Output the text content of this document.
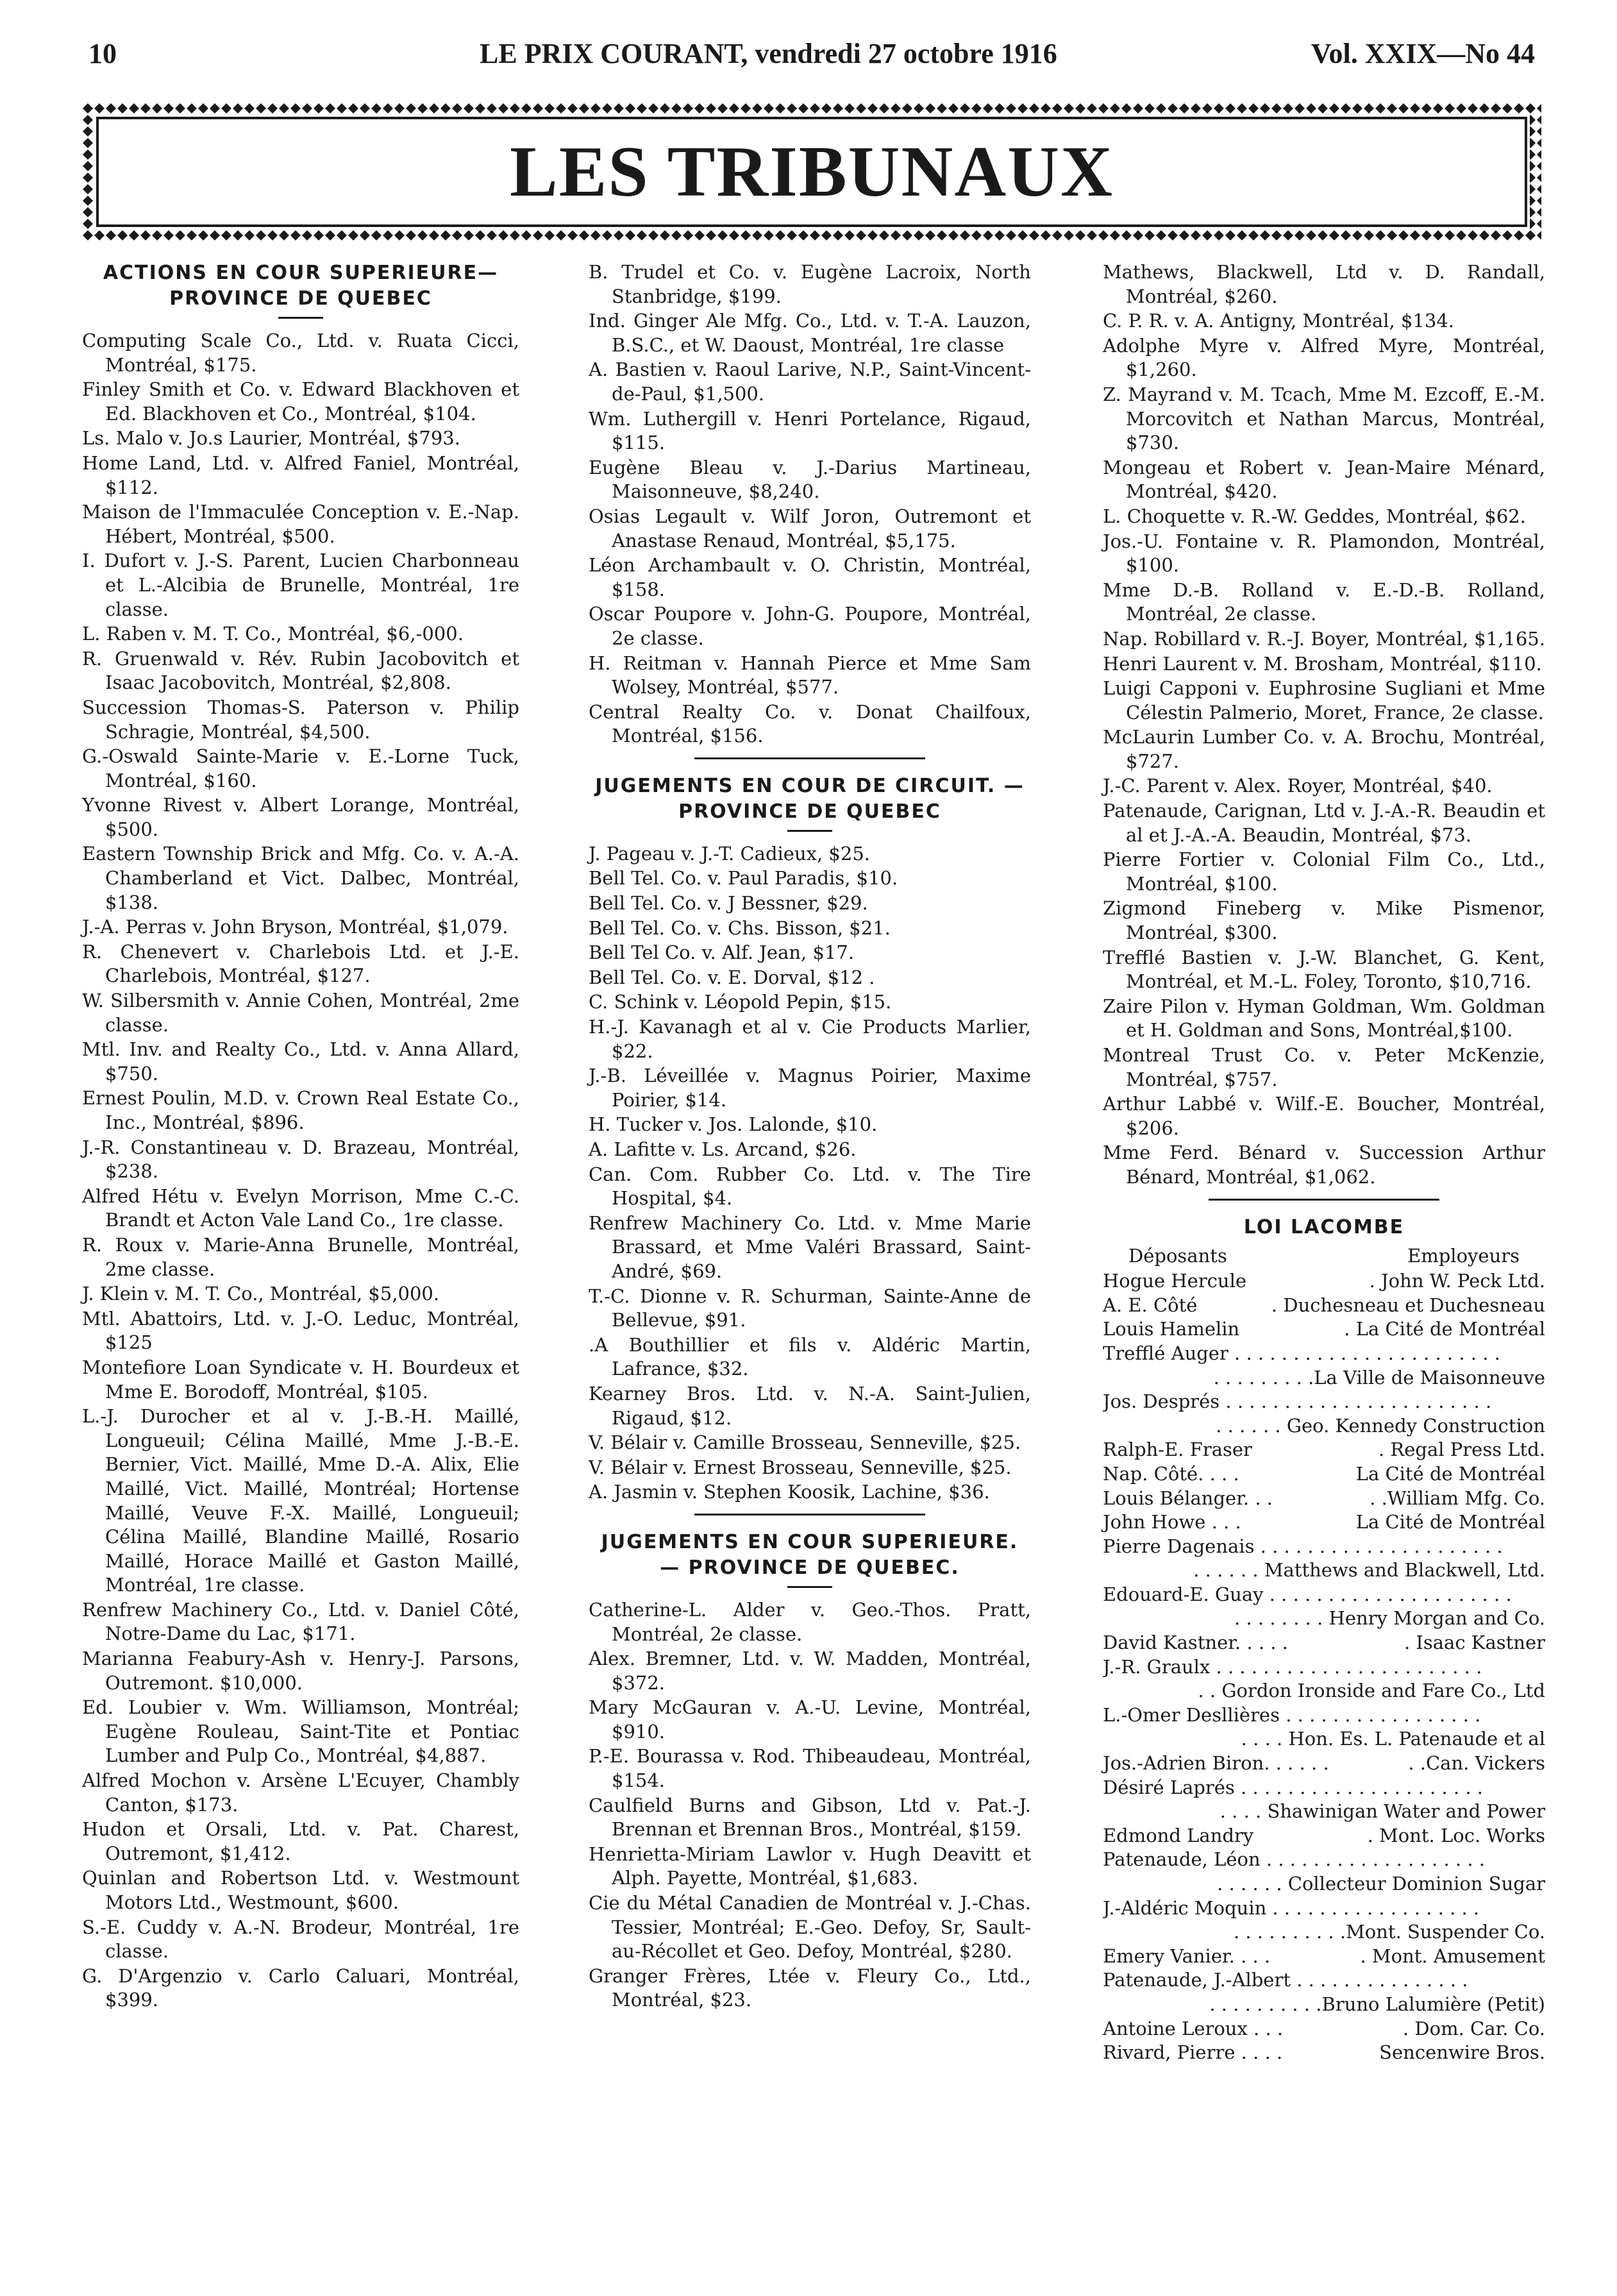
10	LE PRIX COURANT, vendredi 27 octobre 1916	Vol. XXIX—No 44
LES TRIBUNAUX
ACTIONS EN COUR SUPERIEURE— PROVINCE DE QUEBEC
Computing Scale Co., Ltd. v. Ruata Cicci, Montréal, $175.
Finley Smith et Co. v. Edward Blackhoven et Ed. Blackhoven et Co., Montréal, $104.
Ls. Malo v. Jo.s Laurier, Montréal, $793.
Home Land, Ltd. v. Alfred Faniel, Montréal, $112.
Maison de l'Immaculée Conception v. E.-Nap. Hébert, Montréal, $500.
I. Dufort v. J.-S. Parent, Lucien Charbonneau et L.-Alcibia de Brunelle, Montréal, 1re classe.
L. Raben v. M. T. Co., Montréal, $6,-000.
R. Gruenwald v. Rév. Rubin Jacobovitch et Isaac Jacobovitch, Montréal, $2,808.
Succession Thomas-S. Paterson v. Philip Schragie, Montréal, $4,500.
G.-Oswald Sainte-Marie v. E.-Lorne Tuck, Montréal, $160.
Yvonne Rivest v. Albert Lorange, Montréal, $500.
Eastern Township Brick and Mfg. Co. v. A.-A. Chamberland et Vict. Dalbec, Montréal, $138.
J.-A. Perras v. John Bryson, Montréal, $1,079.
R. Chenevert v. Charlebois Ltd. et J.-E. Charlebois, Montréal, $127.
W. Silbersmith v. Annie Cohen, Montréal, 2me classe.
Mtl. Inv. and Realty Co., Ltd. v. Anna Allard, $750.
Ernest Poulin, M.D. v. Crown Real Estate Co., Inc., Montréal, $896.
J.-R. Constantineau v. D. Brazeau, Montréal, $238.
Alfred Hétu v. Evelyn Morrison, Mme C.-C. Brandt et Acton Vale Land Co., 1re classe.
R. Roux v. Marie-Anna Brunelle, Montréal, 2me classe.
J. Klein v. M. T. Co., Montréal, $5,000.
Mtl. Abattoirs, Ltd. v. J.-O. Leduc, Montréal, $125
Montefiore Loan Syndicate v. H. Bourdeux et Mme E. Borodoff, Montréal, $105.
L.-J. Durocher et al v. J.-B.-H. Maillé, Longueuil; Célina Maillé, Mme J.-B.-E. Bernier, Vict. Maillé, Mme D.-A. Alix, Elie Maillé, Vict. Maillé, Montréal; Hortense Maillé, Veuve F.-X. Maillé, Longueuil; Célina Maillé, Blandine Maillé, Rosario Maillé, Horace Maillé et Gaston Maillé, Montréal, 1re classe.
Renfrew Machinery Co., Ltd. v. Daniel Côté, Notre-Dame du Lac, $171.
Marianna Feabury-Ash v. Henry-J. Parsons, Outremont. $10,000.
Ed. Loubier v. Wm. Williamson, Montréal; Eugène Rouleau, Saint-Tite et Pontiac Lumber and Pulp Co., Montréal, $4,887.
Alfred Mochon v. Arsène L'Ecuyer, Chambly Canton, $173.
Hudon et Orsali, Ltd. v. Pat. Charest, Outremont, $1,412.
Quinlan and Robertson Ltd. v. Westmount Motors Ltd., Westmount, $600.
S.-E. Cuddy v. A.-N. Brodeur, Montréal, 1re classe.
G. D'Argenzio v. Carlo Caluari, Montréal, $399.
B. Trudel et Co. v. Eugène Lacroix, North Stanbridge, $199.
Ind. Ginger Ale Mfg. Co., Ltd. v. T.-A. Lauzon, B.S.C., et W. Daoust, Montréal, 1re classe
A. Bastien v. Raoul Larive, N.P., Saint-Vincent-de-Paul, $1,500.
Wm. Luthergill v. Henri Portelance, Rigaud, $115.
Eugène Bleau v. J.-Darius Martineau, Maisonneuve, $8,240.
Osias Legault v. Wilf Joron, Outremont et Anastase Renaud, Montréal, $5,175.
Léon Archambault v. O. Christin, Montréal, $158.
Oscar Poupore v. John-G. Poupore, Montréal, 2e classe.
H. Reitman v. Hannah Pierce et Mme Sam Wolsey, Montréal, $577.
Central Realty Co. v. Donat Chailfoux, Montréal, $156.
JUGEMENTS EN COUR DE CIRCUIT. — PROVINCE DE QUEBEC
J. Pageau v. J.-T. Cadieux, $25.
Bell Tel. Co. v. Paul Paradis, $10.
Bell Tel. Co. v. J Bessner, $29.
Bell Tel. Co. v. Chs. Bisson, $21.
Bell Tel Co. v. Alf. Jean, $17.
Bell Tel. Co. v. E. Dorval, $12 .
C. Schink v. Léopold Pepin, $15.
H.-J. Kavanagh et al v. Cie Products Marlier, $22.
J.-B. Léveillée v. Magnus Poirier, Maxime Poirier, $14.
H. Tucker v. Jos. Lalonde, $10.
A. Lafitte v. Ls. Arcand, $26.
Can. Com. Rubber Co. Ltd. v. The Tire Hospital, $4.
Renfrew Machinery Co. Ltd. v. Mme Marie Brassard, et Mme Valéri Brassard, Saint-André, $69.
T.-C. Dionne v. R. Schurman, Sainte-Anne de Bellevue, $91.
.A Bouthillier et fils v. Aldéric Martin, Lafrance, $32.
Kearney Bros. Ltd. v. N.-A. Saint-Julien, Rigaud, $12.
V. Bélair v. Camille Brosseau, Senneville, $25.
V. Bélair v. Ernest Brosseau, Senneville, $25.
A. Jasmin v. Stephen Koosik, Lachine, $36.
JUGEMENTS EN COUR SUPERIEURE. — PROVINCE DE QUEBEC.
Catherine-L. Alder v. Geo.-Thos. Pratt, Montréal, 2e classe.
Alex. Bremner, Ltd. v. W. Madden, Montréal, $372.
Mary McGauran v. A.-U. Levine, Montréal, $910.
P.-E. Bourassa v. Rod. Thibeaudeau, Montréal, $154.
Caulfield Burns and Gibson, Ltd v. Pat.-J. Brennan et Brennan Bros., Montréal, $159.
Henrietta-Miriam Lawlor v. Hugh Deavitt et Alph. Payette, Montréal, $1,683.
Cie du Métal Canadien de Montréal v. J.-Chas. Tessier, Montréal; E.-Geo. Defoy, Sr, Sault-au-Récollet et Geo. Defoy, Montréal, $280.
Granger Frères, Ltée v. Fleury Co., Ltd., Montréal, $23.
Mathews, Blackwell, Ltd v. D. Randall, Montréal, $260.
C. P. R. v. A. Antigny, Montréal, $134.
Adolphe Myre v. Alfred Myre, Montréal, $1,260.
Z. Mayrand v. M. Tcach, Mme M. Ezcoff, E.-M. Morcovitch et Nathan Marcus, Montréal, $730.
Mongeau et Robert v. Jean-Maire Ménard, Montréal, $420.
L. Choquette v. R.-W. Geddes, Montréal, $62.
Jos.-U. Fontaine v. R. Plamondon, Montréal, $100.
Mme D.-B. Rolland v. E.-D.-B. Rolland, Montréal, 2e classe.
Nap. Robillard v. R.-J. Boyer, Montréal, $1,165.
Henri Laurent v. M. Brosham, Montréal, $110.
Luigi Capponi v. Euphrosine Sugliani et Mme Célestin Palmerio, Moret, France, 2e classe.
McLaurin Lumber Co. v. A. Brochu, Montréal, $727.
J.-C. Parent v. Alex. Royer, Montréal, $40.
Patenaude, Carignan, Ltd v. J.-A.-R. Beaudin et al et J.-A.-A. Beaudin, Montréal, $73.
Pierre Fortier v. Colonial Film Co., Ltd., Montréal, $100.
Zigmond Fineberg v. Mike Pismenor, Montréal, $300.
Trefflé Bastien v. J.-W. Blanchet, G. Kent, Montréal, et M.-L. Foley, Toronto, $10,716.
Zaire Pilon v. Hyman Goldman, Wm. Goldman et H. Goldman and Sons, Montréal,$100.
Montreal Trust Co. v. Peter McKenzie, Montréal, $757.
Arthur Labbé v. Wilf.-E. Boucher, Montréal, $206.
Mme Ferd. Bénard v. Succession Arthur Bénard, Montréal, $1,062.
LOI LACOMBE
Déposants	Employeurs
Hogue Hercule	. John W. Peck Ltd.
A. E. Côté	. Duchesneau et Duchesneau
Louis Hamelin	. La Cité de Montréal
Trefflé Auger . . . . . . . . . . . . . . . . . . . . . . .
. . . . . . . . .La Ville de Maisonneuve
Jos. Després . . . . . . . . . . . . . . . . . . . . . . .
. . . . . . Geo. Kennedy Construction
Ralph-E. Fraser	. Regal Press Ltd.
Nap. Côté. . . .	La Cité de Montréal
Louis Bélanger. . .	. .William Mfg. Co.
John Howe . . .	La Cité de Montréal
Pierre Dagenais . . . . . . . . . . . . . . . . . . . . .
. . . . . . Matthews and Blackwell, Ltd.
Edouard-E. Guay . . . . . . . . . . . . . . . . . . . . .
. . . . . . . . Henry Morgan and Co.
David Kastner. . . . .	. Isaac Kastner
J.-R. Graulx . . . . . . . . . . . . . . . . . . . . . . .
. . Gordon Ironside and Fare Co., Ltd
L.-Omer Desllières . . . . . . . . . . . . . . . . .
. . . . Hon. Es. L. Patenaude et al
Jos.-Adrien Biron. . . . . .	. .Can. Vickers
Désiré Laprés . . . . . . . . . . . . . . . . . . . . .
. . . . Shawinigan Water and Power
Edmond Landry	. Mont. Loc. Works
Patenaude, Léon . . . . . . . . . . . . . . . . . . .
. . . . . . Collecteur Dominion Sugar
J.-Aldéric Moquin . . . . . . . . . . . . . . . . . .
. . . . . . . . . .Mont. Suspender Co.
Emery Vanier. . . .	. Mont. Amusement
Patenaude, J.-Albert . . . . . . . . . . . . . . .
. . . . . . . . . .Bruno Lalumière (Petit)
Antoine Leroux . . .	. Dom. Car. Co.
Rivard, Pierre . . . .	Sencenwire Bros.
